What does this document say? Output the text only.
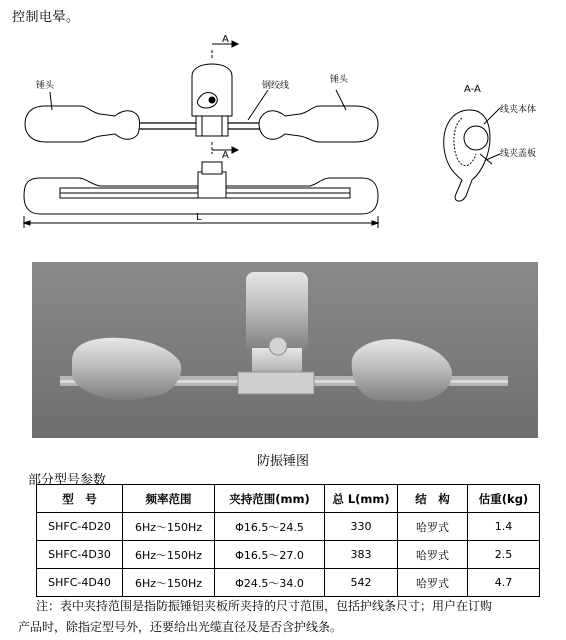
控制电晕。
A
A
锤头	钢绞线
锤头
L
A-A
线夹本体
线夹盖板
防振锤图
部分型号参数
型　号	频率范围	夹持范围(mm)	总 L(mm)	结　构	估重(kg)
SHFC-4D20	6Hz～150Hz	Φ16.5～24.5	330	哈罗式	1.4
SHFC-4D30	6Hz～150Hz	Φ16.5～27.0	383	哈罗式	2.5
SHFC-4D40	6Hz～150Hz	Φ24.5～34.0	542	哈罗式	4.7
注：表中夹持范围是指防振锤铝夹板所夹持的尺寸范围，包括护线条尺寸；用户在订购
产品时，除指定型号外，还要给出光缆直径及是否含护线条。
